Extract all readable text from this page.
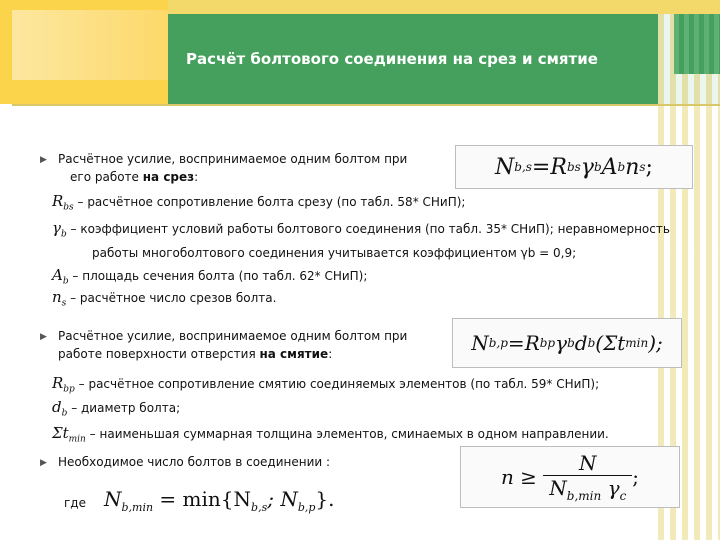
Расчёт болтового соединения на срез и смятие
▶ Расчётное усилие, воспринимаемое одним болтом при
его работе на срез:	N b,s = R bs γ b A b n s ;
$R_{bs}$ – расчётное сопротивление болта срезу (по табл. 58* СНиП);
$\gamma_b$ – коэффициент условий работы болтового соединения (по табл. 35* СНиП); неравномерность
работы многоболтового соединения учитывается коэффициентом γb = 0,9;
$A_b$ – площадь сечения болта (по табл. 62* СНиП);
$n_s$ – расчётное число срезов болта.
▶ Расчётное усилие, воспринимаемое одним болтом при
работе поверхности отверстия на смятие:	N b,p = R bp γ b d b (Σt min );
$R_{bp}$ – расчётное сопротивление смятию соединяемых элементов (по табл. 59* СНиП);
$d_b$ – диаметр болта;
$\Sigma t_{min}$ – наименьшая суммарная толщина элементов, сминаемых в одном направлении.
▶ Необходимое число болтов в соединении :
n ≥
$\frac{N}{N_{b,min} \gamma_c}$ ;
где $N_{b,min} = \min\{N_{b,s}$; $N_{b,p}$}.
